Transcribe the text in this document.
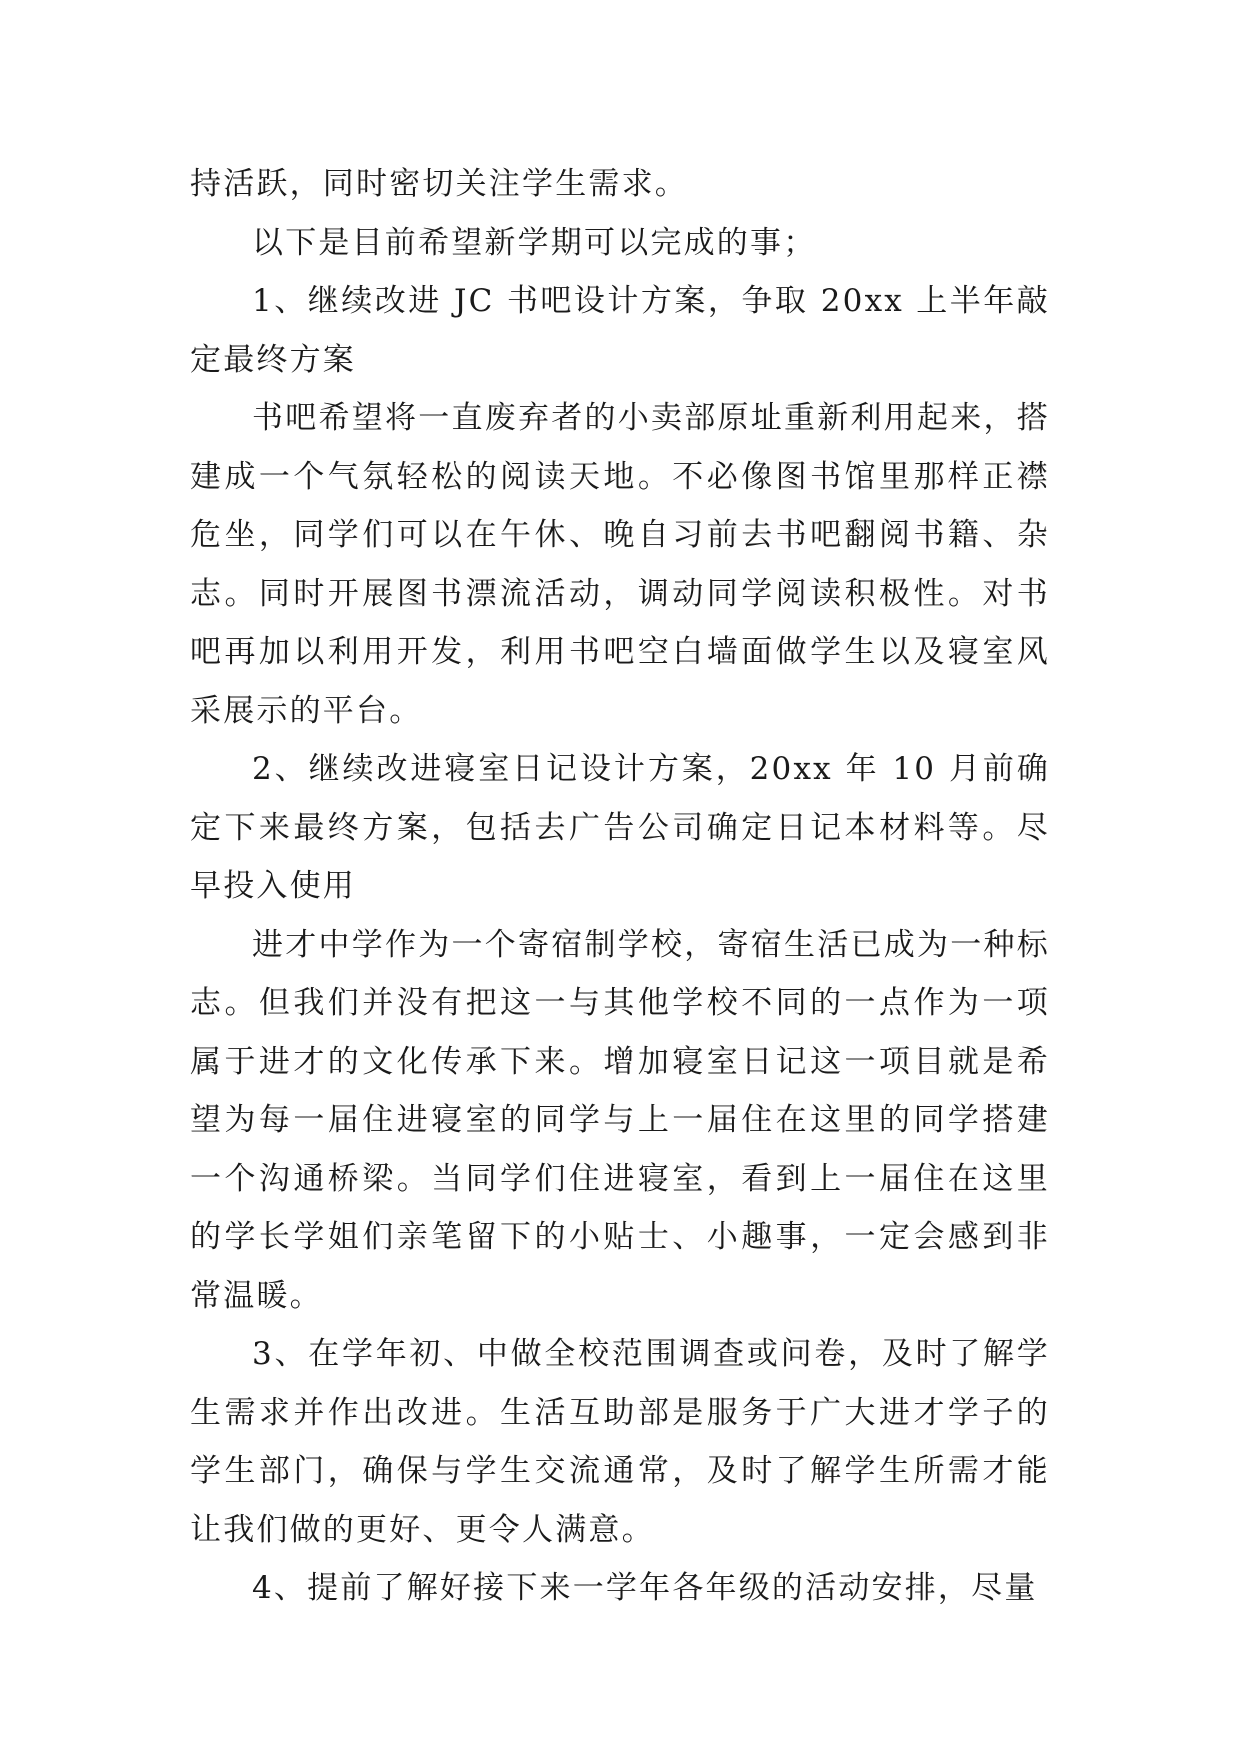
持活跃，同时密切关注学生需求。

以下是目前希望新学期可以完成的事；

1、继续改进 JC 书吧设计方案，争取 20xx 上半年敲定最终方案

书吧希望将一直废弃者的小卖部原址重新利用起来，搭建成一个气氛轻松的阅读天地。不必像图书馆里那样正襟危坐，同学们可以在午休、晚自习前去书吧翻阅书籍、杂志。同时开展图书漂流活动，调动同学阅读积极性。对书吧再加以利用开发，利用书吧空白墙面做学生以及寝室风采展示的平台。

2、继续改进寝室日记设计方案，20xx 年 10 月前确定下来最终方案，包括去广告公司确定日记本材料等。尽早投入使用

进才中学作为一个寄宿制学校，寄宿生活已成为一种标志。但我们并没有把这一与其他学校不同的一点作为一项属于进才的文化传承下来。增加寝室日记这一项目就是希望为每一届住进寝室的同学与上一届住在这里的同学搭建一个沟通桥梁。当同学们住进寝室，看到上一届住在这里的学长学姐们亲笔留下的小贴士、小趣事，一定会感到非常温暖。

3、在学年初、中做全校范围调查或问卷，及时了解学生需求并作出改进。生活互助部是服务于广大进才学子的学生部门，确保与学生交流通常，及时了解学生所需才能让我们做的更好、更令人满意。

4、提前了解好接下来一学年各年级的活动安排，尽量
